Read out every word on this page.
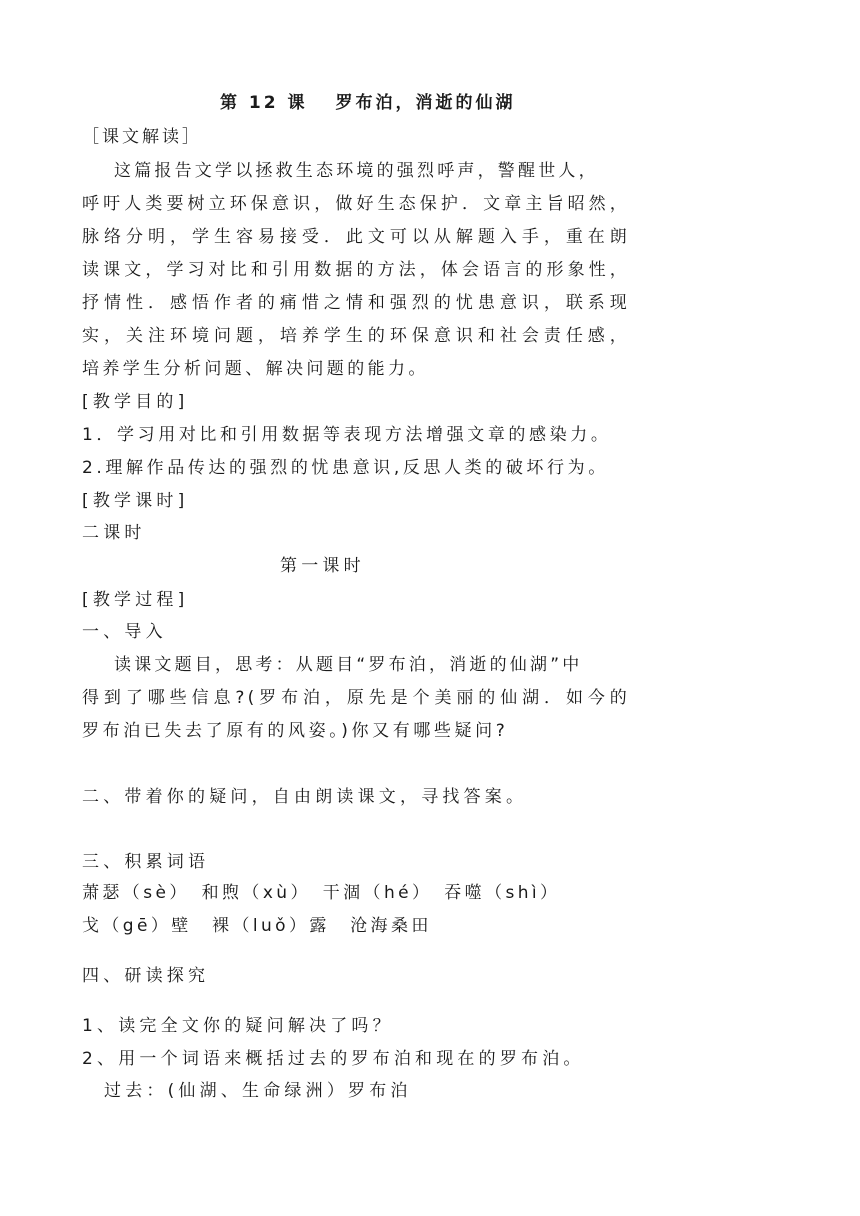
第 12 课 罗布泊，消逝的仙湖
［课文解读］
这篇报告文学以拯救生态环境的强烈呼声，警醒世人，
呼吁人类要树立环保意识，做好生态保护．文章主旨昭然，
脉络分明，学生容易接受．此文可以从解题入手，重在朗
读课文，学习对比和引用数据的方法，体会语言的形象性，
抒情性．感悟作者的痛惜之情和强烈的忧患意识，联系现
实，关注环境问题，培养学生的环保意识和社会责任感，
培养学生分析问题、解决问题的能力。
[教学目的]
1．学习用对比和引用数据等表现方法增强文章的感染力。
2.理解作品传达的强烈的忧患意识,反思人类的破坏行为。
[教学课时]
二课时
第一课时
[教学过程]
一、导入
读课文题目，思考：从题目“罗布泊，消逝的仙湖”中
得到了哪些信息?(罗布泊，原先是个美丽的仙湖．如今的
罗布泊已失去了原有的风姿。)你又有哪些疑问?
二、带着你的疑问，自由朗读课文，寻找答案。
三、积累词语
萧瑟（sè）　和煦（xù）　干涸（hé）　吞噬（shì）
戈（gē）壁　裸（luǒ）露　沧海桑田
四、研读探究
1、读完全文你的疑问解决了吗？
2、用一个词语来概括过去的罗布泊和现在的罗布泊。
过去：(仙湖、生命绿洲）罗布泊
